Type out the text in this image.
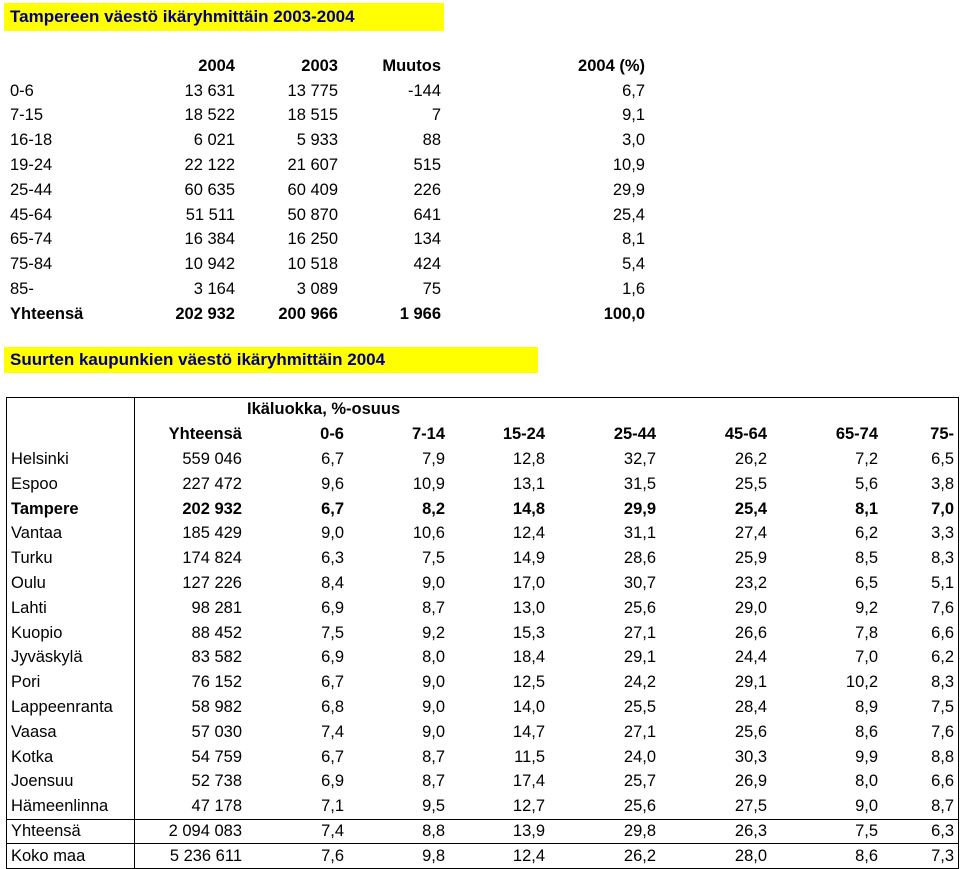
Tampereen väestö ikäryhmittäin 2003-2004
	2004	2003	Muutos	2004 (%)
0-6	13 631	13 775	-144	6,7
7-15	18 522	18 515	7	9,1
16-18	6 021	5 933	88	3,0
19-24	22 122	21 607	515	10,9
25-44	60 635	60 409	226	29,9
45-64	51 511	50 870	641	25,4
65-74	16 384	16 250	134	8,1
75-84	10 942	10 518	424	5,4
85-	3 164	3 089	75	1,6
Yhteensä	202 932	200 966	1 966	100,0
Suurten kaupunkien väestö ikäryhmittäin 2004
		Ikäluokka, %-osuus						
	Yhteensä	0-6	7-14	15-24	25-44	45-64	65-74	75-
Helsinki	559 046	6,7	7,9	12,8	32,7	26,2	7,2	6,5
Espoo	227 472	9,6	10,9	13,1	31,5	25,5	5,6	3,8
Tampere	202 932	6,7	8,2	14,8	29,9	25,4	8,1	7,0
Vantaa	185 429	9,0	10,6	12,4	31,1	27,4	6,2	3,3
Turku	174 824	6,3	7,5	14,9	28,6	25,9	8,5	8,3
Oulu	127 226	8,4	9,0	17,0	30,7	23,2	6,5	5,1
Lahti	98 281	6,9	8,7	13,0	25,6	29,0	9,2	7,6
Kuopio	88 452	7,5	9,2	15,3	27,1	26,6	7,8	6,6
Jyväskylä	83 582	6,9	8,0	18,4	29,1	24,4	7,0	6,2
Pori	76 152	6,7	9,0	12,5	24,2	29,1	10,2	8,3
Lappeenranta	58 982	6,8	9,0	14,0	25,5	28,4	8,9	7,5
Vaasa	57 030	7,4	9,0	14,7	27,1	25,6	8,6	7,6
Kotka	54 759	6,7	8,7	11,5	24,0	30,3	9,9	8,8
Joensuu	52 738	6,9	8,7	17,4	25,7	26,9	8,0	6,6
Hämeenlinna	47 178	7,1	9,5	12,7	25,6	27,5	9,0	8,7
Yhteensä	2 094 083	7,4	8,8	13,9	29,8	26,3	7,5	6,3
Koko maa	5 236 611	7,6	9,8	12,4	26,2	28,0	8,6	7,3
